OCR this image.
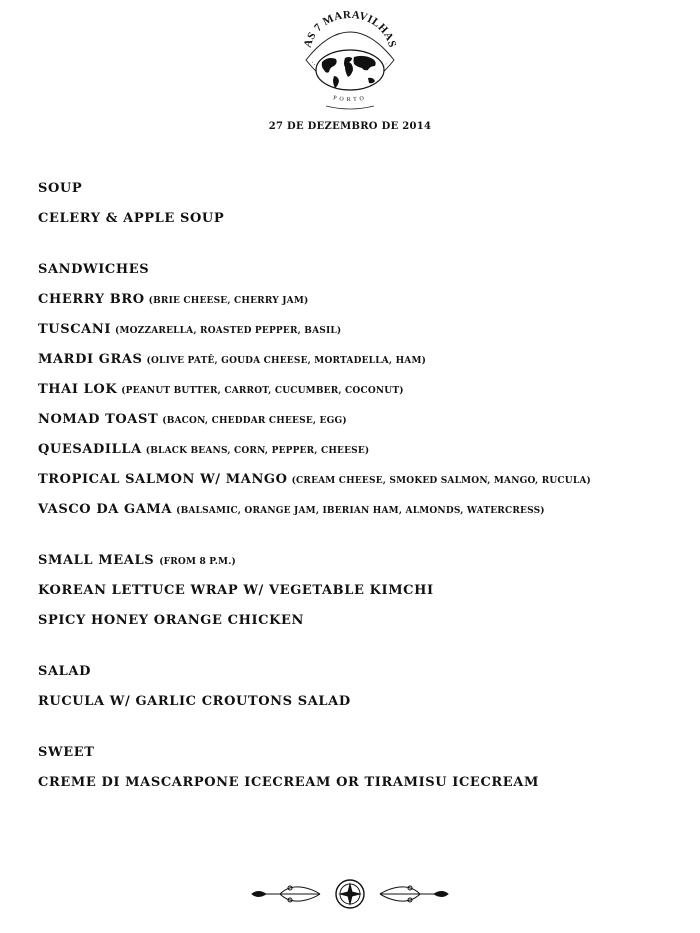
AS 7 MARAVILHAS
PORTO
27 DE DEZEMBRO DE 2014
SOUP
CELERY & APPLE SOUP
SANDWICHES
CHERRY BRO (BRIE CHEESE, CHERRY JAM)
TUSCANI (MOZZARELLA, ROASTED PEPPER, BASIL)
MARDI GRAS (OLIVE PATÊ, GOUDA CHEESE, MORTADELLA, HAM)
THAI LOK (PEANUT BUTTER, CARROT, CUCUMBER, COCONUT)
NOMAD TOAST (BACON, CHEDDAR CHEESE, EGG)
QUESADILLA (BLACK BEANS, CORN, PEPPER, CHEESE)
TROPICAL SALMON W/ MANGO (CREAM CHEESE, SMOKED SALMON, MANGO, RUCULA)
VASCO DA GAMA (BALSAMIC, ORANGE JAM, IBERIAN HAM, ALMONDS, WATERCRESS)
SMALL MEALS (FROM 8 P.M.)
KOREAN LETTUCE WRAP W/ VEGETABLE KIMCHI
SPICY HONEY ORANGE CHICKEN
SALAD
RUCULA W/ GARLIC CROUTONS SALAD
SWEET
CREME DI MASCARPONE ICECREAM OR TIRAMISU ICECREAM
